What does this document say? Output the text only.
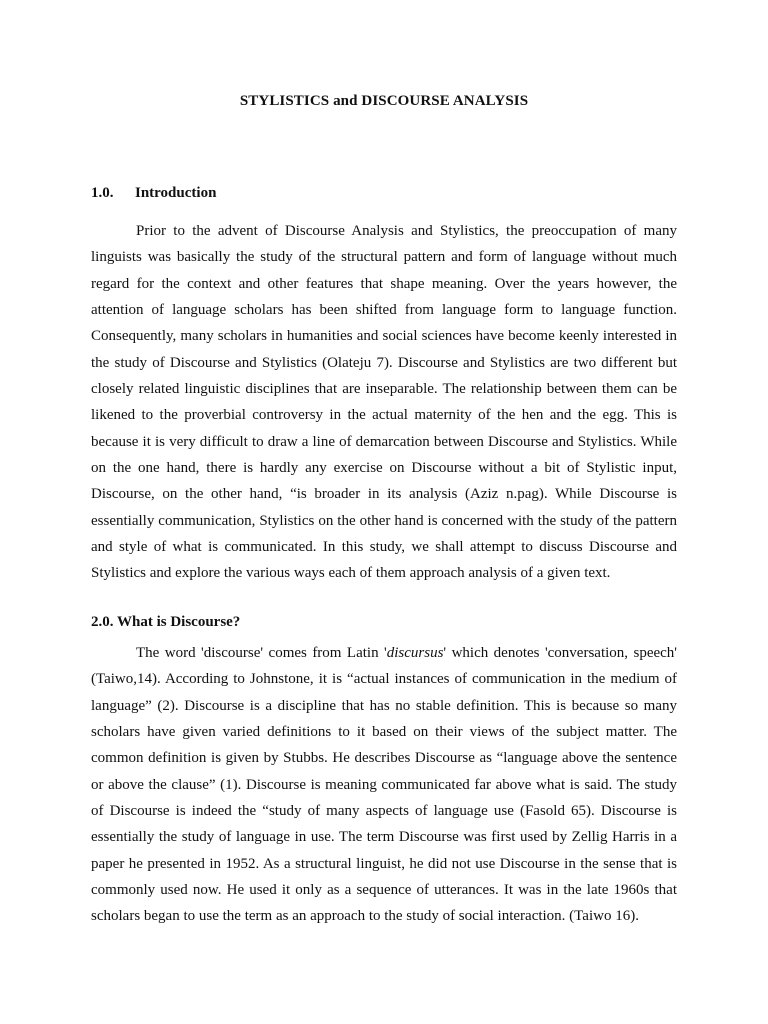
STYLISTICS and DISCOURSE ANALYSIS
1.0. Introduction

Prior to the advent of Discourse Analysis and Stylistics, the preoccupation of many linguists was basically the study of the structural pattern and form of language without much regard for the context and other features that shape meaning. Over the years however, the attention of language scholars has been shifted from language form to language function. Consequently, many scholars in humanities and social sciences have become keenly interested in the study of Discourse and Stylistics (Olateju 7). Discourse and Stylistics are two different but closely related linguistic disciplines that are inseparable. The relationship between them can be likened to the proverbial controversy in the actual maternity of the hen and the egg. This is because it is very difficult to draw a line of demarcation between Discourse and Stylistics. While on the one hand, there is hardly any exercise on Discourse without a bit of Stylistic input, Discourse, on the other hand, “is broader in its analysis (Aziz n.pag). While Discourse is essentially communication, Stylistics on the other hand is concerned with the study of the pattern and style of what is communicated. In this study, we shall attempt to discuss Discourse and Stylistics and explore the various ways each of them approach analysis of a given text.

2.0. What is Discourse?

The word 'discourse' comes from Latin 'discursus' which denotes 'conversation, speech' (Taiwo,14). According to Johnstone, it is “actual instances of communication in the medium of language” (2). Discourse is a discipline that has no stable definition. This is because so many scholars have given varied definitions to it based on their views of the subject matter. The common definition is given by Stubbs. He describes Discourse as “language above the sentence or above the clause” (1). Discourse is meaning communicated far above what is said. The study of Discourse is indeed the “study of many aspects of language use (Fasold 65). Discourse is essentially the study of language in use. The term Discourse was first used by Zellig Harris in a paper he presented in 1952. As a structural linguist, he did not use Discourse in the sense that is commonly used now. He used it only as a sequence of utterances. It was in the late 1960s that scholars began to use the term as an approach to the study of social interaction. (Taiwo 16).
